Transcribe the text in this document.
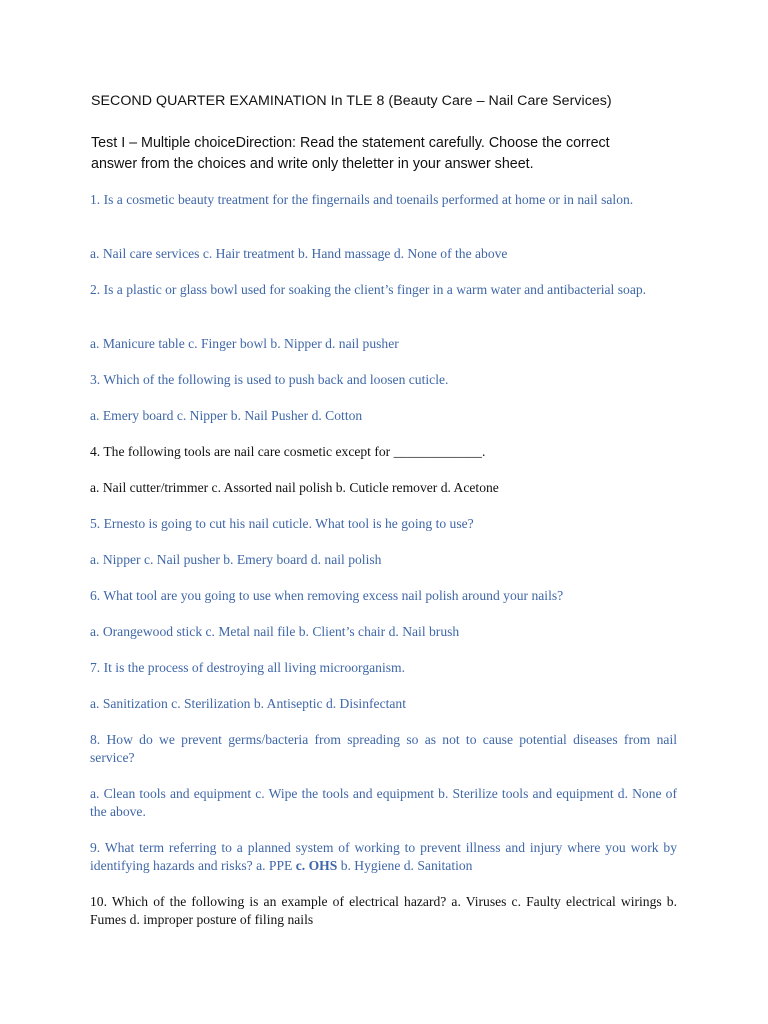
SECOND QUARTER EXAMINATION In TLE 8 (Beauty Care – Nail Care Services)
Test I – Multiple choiceDirection: Read the statement carefully. Choose the correct answer from the choices and write only theletter in your answer sheet.
1. Is a cosmetic beauty treatment for the fingernails and toenails performed at home or in nail salon.
a. Nail care services c. Hair treatment b. Hand massage d. None of the above
2. Is a plastic or glass bowl used for soaking the client’s finger in a warm water and antibacterial soap.
a. Manicure table c. Finger bowl b. Nipper d. nail pusher
3. Which of the following is used to push back and loosen cuticle.
a. Emery board c. Nipper b. Nail Pusher d. Cotton
4. The following tools are nail care cosmetic except for _____________.
a. Nail cutter/trimmer c. Assorted nail polish b. Cuticle remover d. Acetone
5. Ernesto is going to cut his nail cuticle. What tool is he going to use?
a. Nipper c. Nail pusher b. Emery board d. nail polish
6. What tool are you going to use when removing excess nail polish around your nails?
a. Orangewood stick c. Metal nail file b. Client’s chair d. Nail brush
7. It is the process of destroying all living microorganism.
a. Sanitization c. Sterilization b. Antiseptic d. Disinfectant
8. How do we prevent germs/bacteria from spreading so as not to cause potential diseases from nail service?
a. Clean tools and equipment c. Wipe the tools and equipment b. Sterilize tools and equipment d. None of the above.
9. What term referring to a planned system of working to prevent illness and injury where you work by identifying hazards and risks? a. PPE c. OHS b. Hygiene d. Sanitation
10. Which of the following is an example of electrical hazard? a. Viruses c. Faulty electrical wirings b. Fumes d. improper posture of filing nails
